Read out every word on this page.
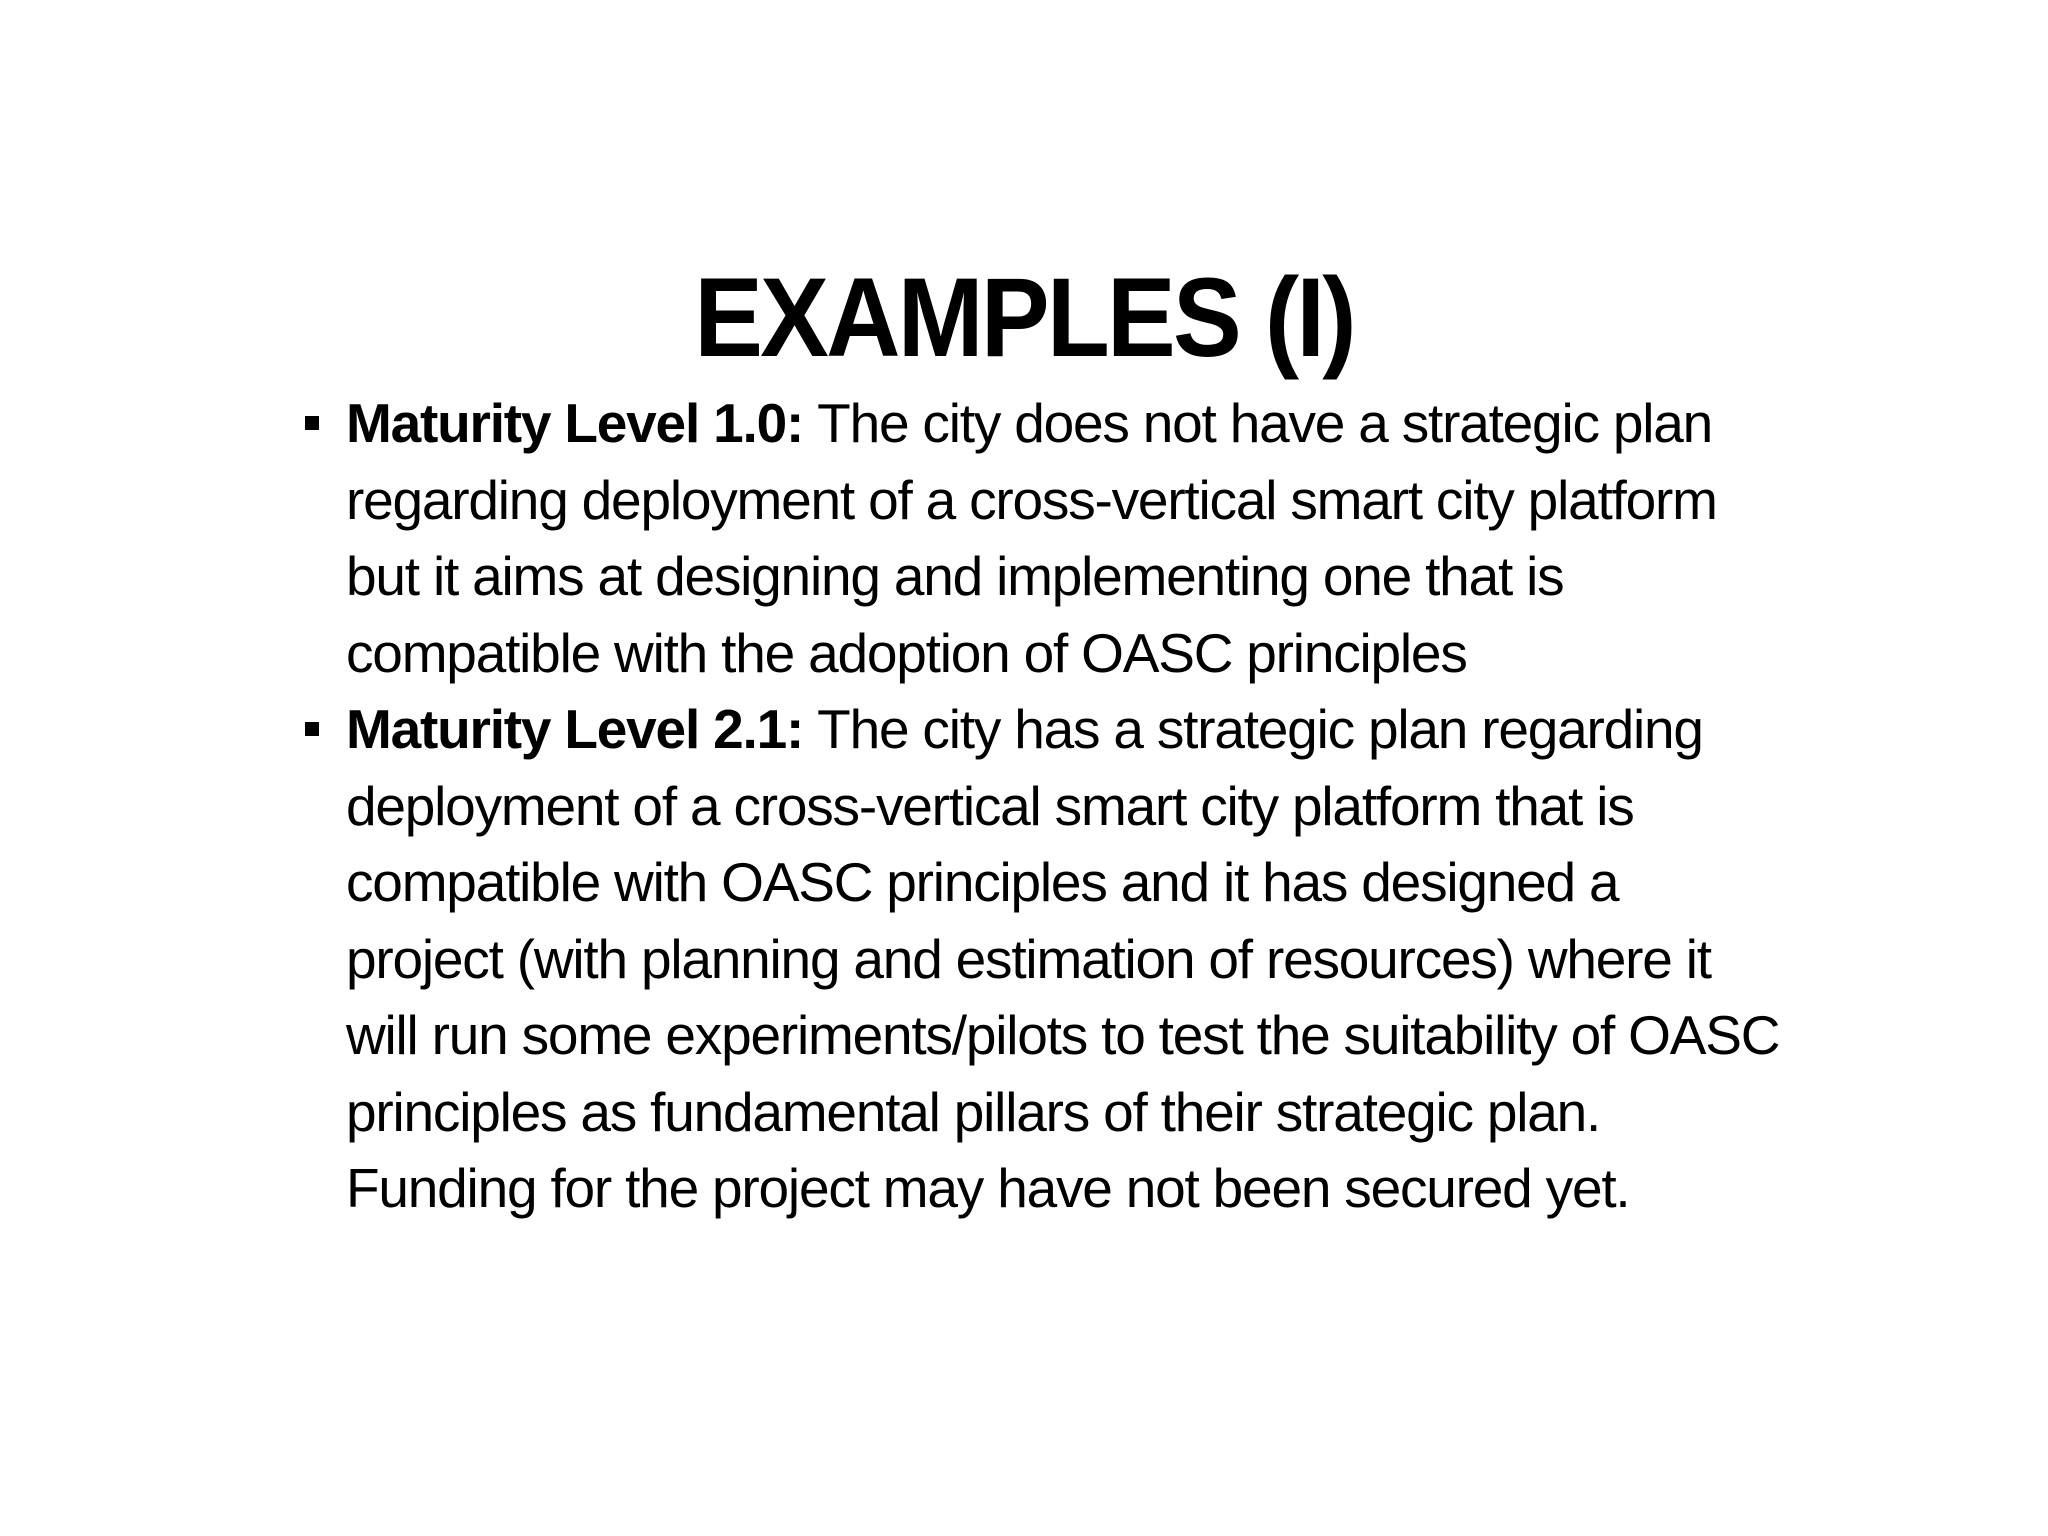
EXAMPLES (I)
Maturity Level 1.0: The city does not have a strategic plan regarding deployment of a cross-vertical smart city platform but it aims at designing and implementing one that is compatible with the adoption of OASC principles
Maturity Level 2.1: The city has a strategic plan regarding deployment of a cross-vertical smart city platform that is compatible with OASC principles and it has designed a project (with planning and estimation of resources) where it will run some experiments/pilots to test the suitability of OASC principles as fundamental pillars of their strategic plan. Funding for the project may have not been secured yet.
